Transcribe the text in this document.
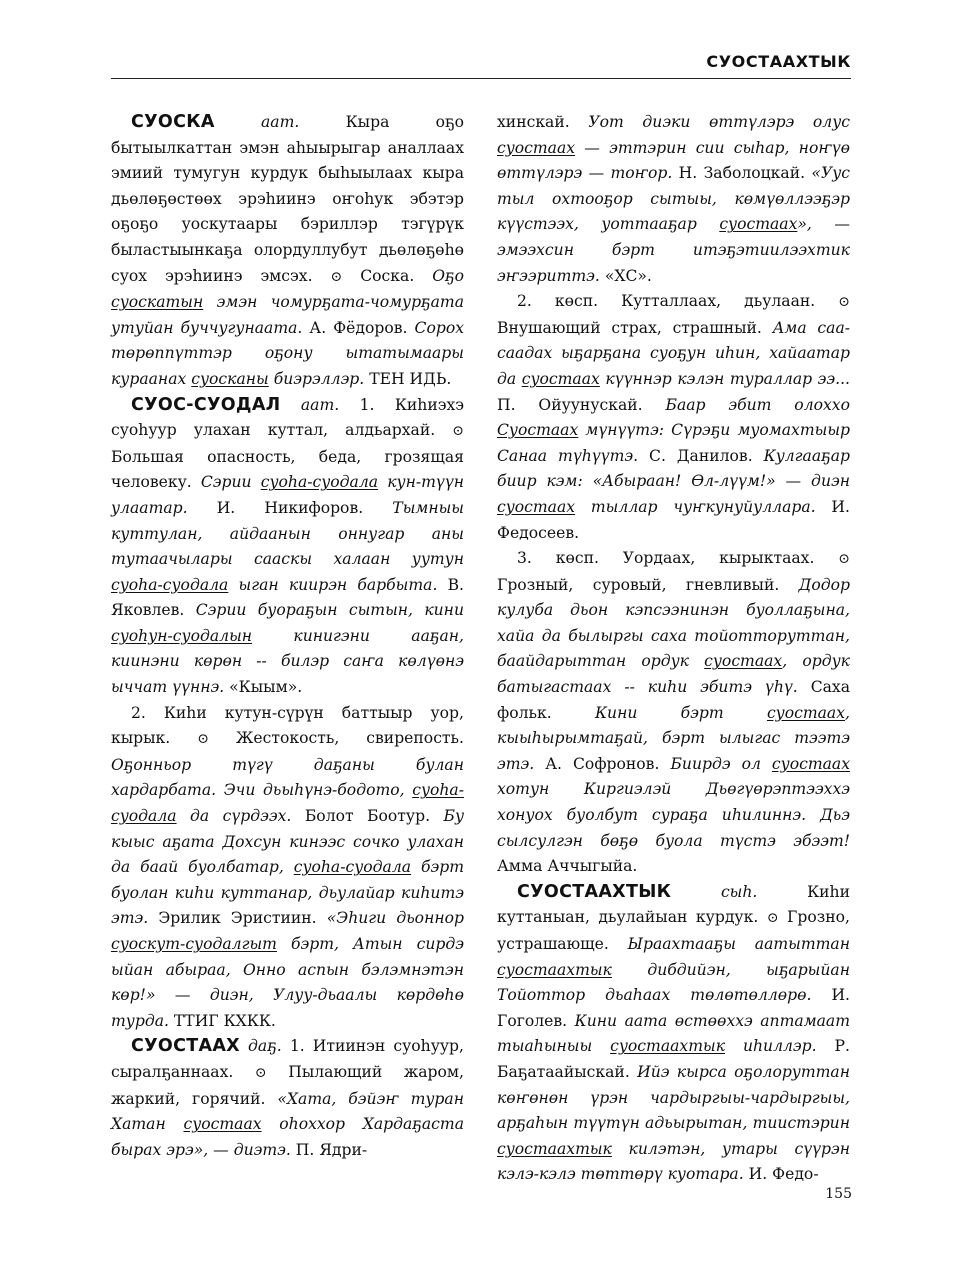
СУОСТААХТЫК

СУОСКА	аат. Кыра оҕо бытыылкаттан эмэн аһыырыгар аналлаах эмиий тумугун курдук быһыылаах кыра дьөлөҕөстөөх эрэһиинэ оҥоһук эбэтэр оҕоҕо уоскутаары бэриллэр тэгүрүк быластыынкаҕа олордуллубут дьөлөҕөһө суох эрэһиинэ эмсэх. ⊙ Соска. Оҕо суоскатын эмэн чомурҕата-чомурҕата утуйан буччугунаата. А. Фёдоров. Сорох төрөппүттэр оҕону ытатымаары кураанах суосканы биэрэллэр. ТЕН ИДЬ.

СУОС-СУОДАЛ аат. 1. Киһиэхэ суоһуур улахан куттал, алдьархай. ⊙ Большая опасность, беда, грозящая человеку. Сэрии суоһа-суодала кун-түүн улаатар. И. Никифоров. Тымныы куттулан, айдаанын оннугар аны тутаачылары сааскы халаан уутун суоһа-суодала ыган киирэн барбыта. В. Яковлев. Сэрии буораҕын сытын, кини суоһун-суодалын кинигэни ааҕан, киинэни көрөн -- билэр саҥа көлүөнэ ыччат үүннэ. «Кыым».

2. Киһи кутун-сүрүн баттыыр уор, кырык. ⊙ Жестокость, свирепость. Оҕонньор түгү даҕаны булан хардарбата. Эчи дьыһүнэ-бодото, суоһа-суодала да сүрдээх. Болот Боотур. Бу кыыс аҕата Дохсун кинээс сочко улахан да баай буолбатар, суоһа-суодала бэрт буолан киһи куттанар, дьулайар киһитэ этэ. Эрилик Эристиин. «Эһиги дьоннор суоскут-суодалгыт бэрт, Атын сирдэ ыйан абыраа, Онно аспын бэлэмнэтэн көр!» — диэн, Улуу-дьаалы көрдөһө турда. ТТИГ КХКК.

СУОСТААХ даҕ. 1. Итиинэн суоһуур, сыралҕаннаах. ⊙ Пылающий жаром, жаркий, горячий. «Хата, бэйэҥ туран Хатан суостаах оһоххор Хардаҕаста быраx эрэ», — диэтэ. П. Ядри-

хинскай. Уот диэки өттүлэрэ олус суостаах — эттэрин сии сыһар, ноҥүө өттүлэрэ — тоҥор. Н. Заболоцкай. «Уус тыл охтооҕор сытыы, көмүөллээҕэр күүстээх, уоттааҕар суостаах», — эмээхсин бэрт итэҕэтиилээхтик эҥээриттэ. «ХС».

2. көсп. Кутталлаах, дьулаан. ⊙ Внушающий страх, страшный. Ама саа-саадах ыҕарҕана суоҕун иһин, хайаатар да суостаах күүннэр кэлэн тураллар ээ... П. Ойуунускай. Баар эбит олоххо Суостаах мүнүүтэ: Сүрэҕи муомахтыыр Санаа түһүүтэ. С. Данилов. Кулгааҕар биир кэм: «Абыраан! Өл-лүүм!» — диэн суостаах тыллар чуҥкунуйуллара. И. Федосеев.

3. көсп. Уордаах, кырыктаах. ⊙ Грозный, суровый, гневливый. Додор кулуба дьон кэпсээнинэн буоллаҕына, хайа да былыргы саха тойотторуттан, баайдарыттан ордук суостаах, ордук батыгастаах -- киһи эбитэ үһү. Саха фольк. Кини бэрт суостаах, кыыһырымтаҕай, бэрт ылыгас тээтэ этэ. А. Софронов. Биирдэ ол суостаах хотун Киргиэлэй Дьөгүөрэптээххэ хонуох буолбут сураҕа иһилиннэ. Дьэ сылсулгэн бөҕө буола түстэ эбээт! Амма Аччыгыйа.

СУОСТААХТЫК	сыһ. Киһи куттаныан, дьулайыан курдук. ⊙ Грозно, устрашающе. Ыраахтааҕы аатыттан суостаахтык дибдийэн, ыҕарыйан Тойоттор дьаһаах төлөтөллөрө. И. Гоголев. Кини аата өстөөххэ аптамаат тыаһыныы суостаахтык иһиллэр. Р. Баҕатаайыскай. Ийэ кырса оҕолоруттан көҥөнөн үрэн чардыргыы-чардыргыы, арҕаһын түүтүн адьырытан, тиистэрин суостаахтык килэтэн, утары сүүрэн кэлэ-кэлэ төттөрү куотара. И. Федо-

155
